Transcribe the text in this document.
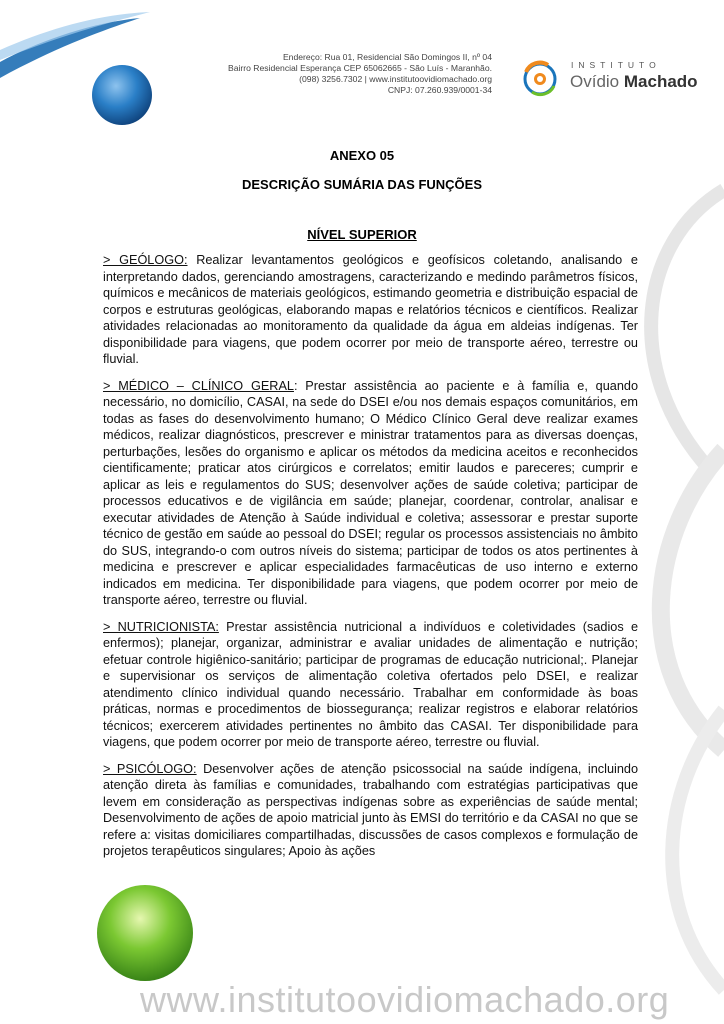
Endereço: Rua 01, Residencial São Domingos II, nº 04
Bairro Residencial Esperança CEP 65062665 - São Luís - Maranhão.
(098) 3256.7302 | www.institutoovidiomachado.org
CNPJ: 07.260.939/0001-34
INSTITUTO
Ovídio Machado
ANEXO 05
DESCRIÇÃO SUMÁRIA DAS FUNÇÕES
NÍVEL SUPERIOR

> GEÓLOGO: Realizar levantamentos geológicos e geofísicos coletando, analisando e interpretando dados, gerenciando amostragens, caracterizando e medindo parâmetros físicos, químicos e mecânicos de materiais geológicos, estimando geometria e distribuição espacial de corpos e estruturas geológicas, elaborando mapas e relatórios técnicos e científicos. Realizar atividades relacionadas ao monitoramento da qualidade da água em aldeias indígenas. Ter disponibilidade para viagens, que podem ocorrer por meio de transporte aéreo, terrestre ou fluvial.

> MÉDICO – CLÍNICO GERAL: Prestar assistência ao paciente e à família e, quando necessário, no domicílio, CASAI, na sede do DSEI e/ou nos demais espaços comunitários, em todas as fases do desenvolvimento humano; O Médico Clínico Geral deve realizar exames médicos, realizar diagnósticos, prescrever e ministrar tratamentos para as diversas doenças, perturbações, lesões do organismo e aplicar os métodos da medicina aceitos e reconhecidos cientificamente; praticar atos cirúrgicos e correlatos; emitir laudos e pareceres; cumprir e aplicar as leis e regulamentos do SUS; desenvolver ações de saúde coletiva; participar de processos educativos e de vigilância em saúde; planejar, coordenar, controlar, analisar e executar atividades de Atenção à Saúde individual e coletiva; assessorar e prestar suporte técnico de gestão em saúde ao pessoal do DSEI; regular os processos assistenciais no âmbito do SUS, integrando-o com outros níveis do sistema; participar de todos os atos pertinentes à medicina e prescrever e aplicar especialidades farmacêuticas de uso interno e externo indicados em medicina. Ter disponibilidade para viagens, que podem ocorrer por meio de transporte aéreo, terrestre ou fluvial.

> NUTRICIONISTA: Prestar assistência nutricional a indivíduos e coletividades (sadios e enfermos); planejar, organizar, administrar e avaliar unidades de alimentação e nutrição; efetuar controle higiênico-sanitário; participar de programas de educação nutricional;. Planejar e supervisionar os serviços de alimentação coletiva ofertados pelo DSEI, e realizar atendimento clínico individual quando necessário. Trabalhar em conformidade às boas práticas, normas e procedimentos de biossegurança; realizar registros e elaborar relatórios técnicos; exercerem atividades pertinentes no âmbito das CASAI. Ter disponibilidade para viagens, que podem ocorrer por meio de transporte aéreo, terrestre ou fluvial.

> PSICÓLOGO: Desenvolver ações de atenção psicossocial na saúde indígena, incluindo atenção direta às famílias e comunidades, trabalhando com estratégias participativas que levem em consideração as perspectivas indígenas sobre as experiências de saúde mental; Desenvolvimento de ações de apoio matricial junto às EMSI do território e da CASAI no que se refere a: visitas domiciliares compartilhadas, discussões de casos complexos e formulação de projetos terapêuticos singulares; Apoio às ações

www.institutoovidiomachado.org
